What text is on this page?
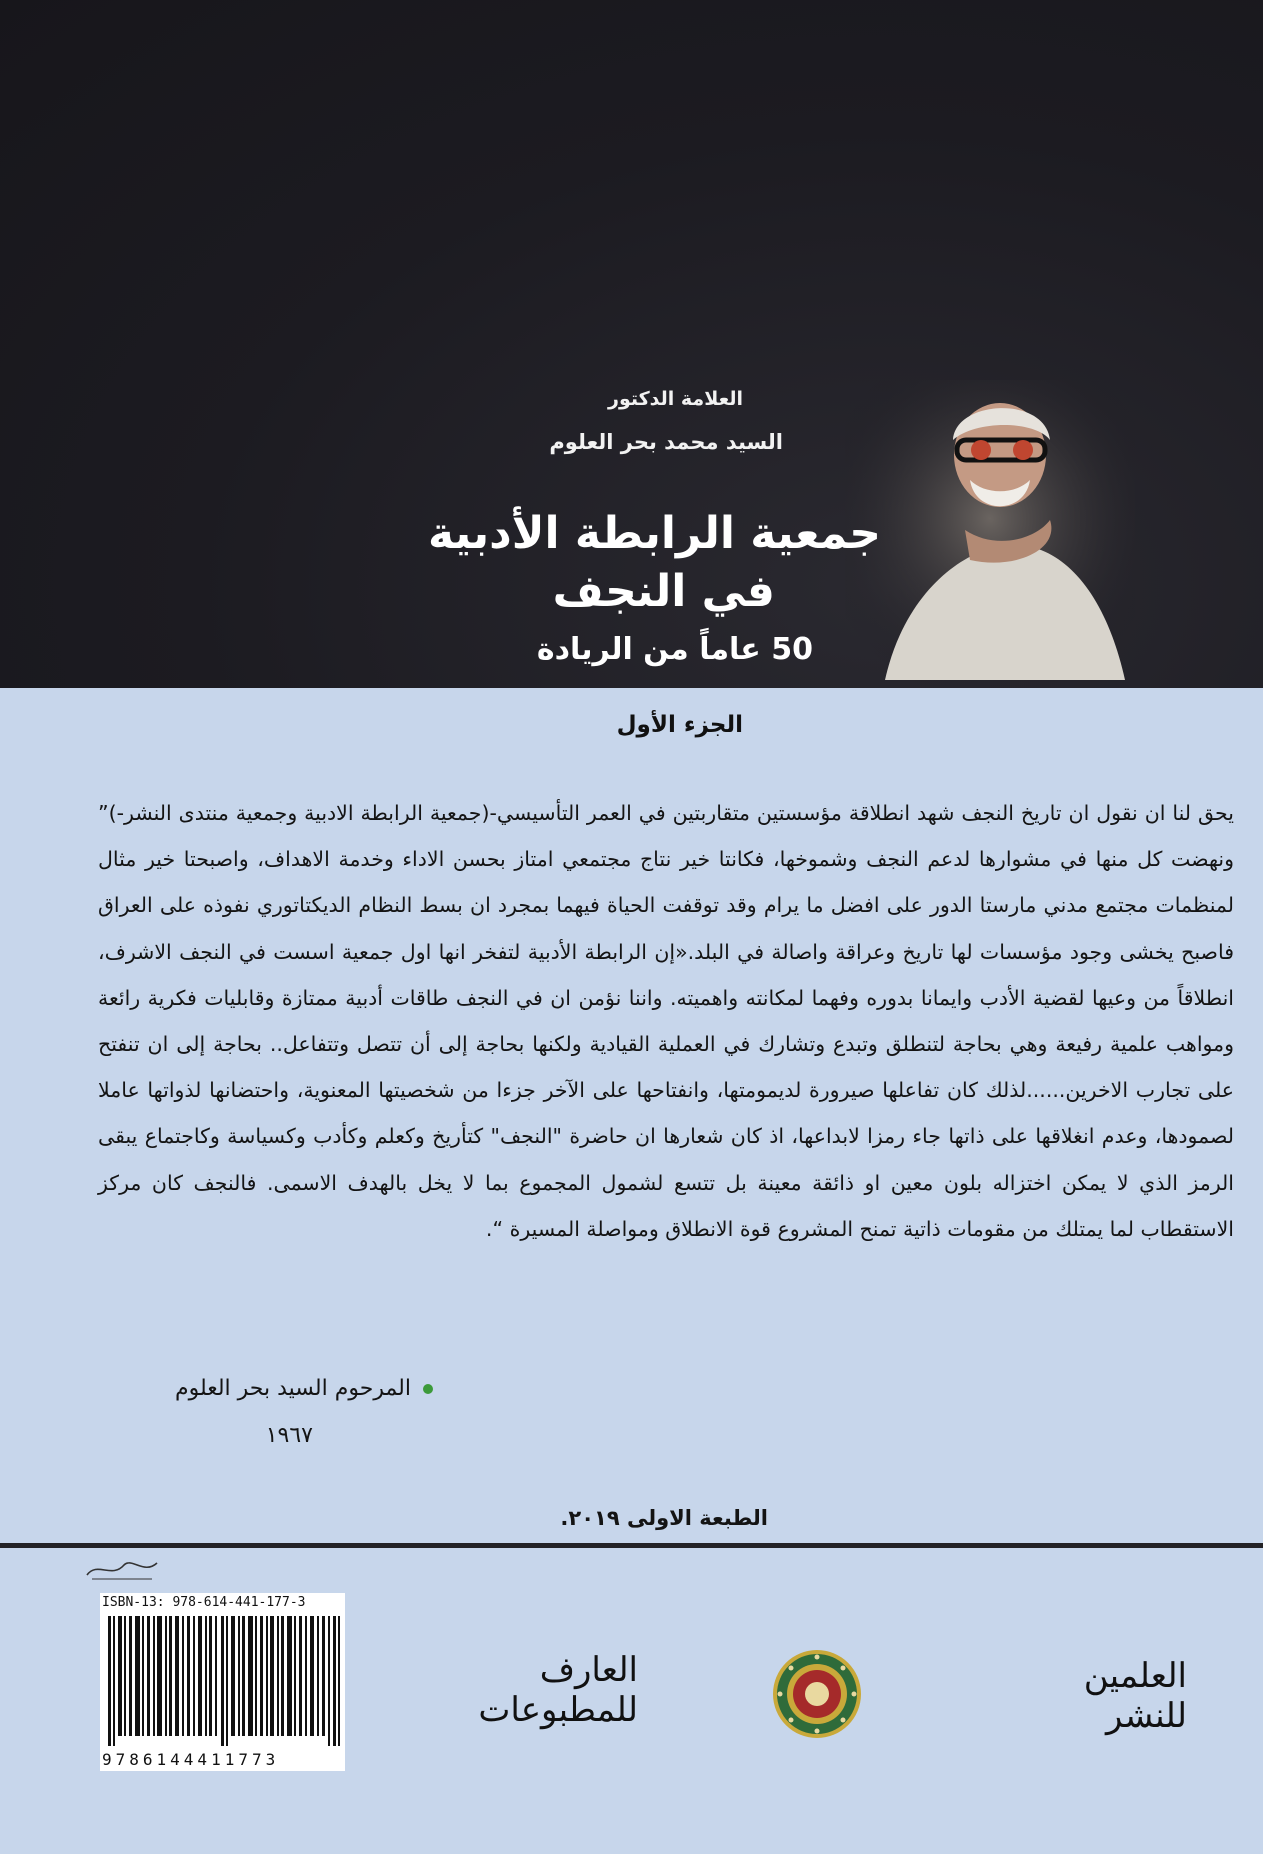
العلامة الدكتور
السيد محمد بحر العلوم
جمعية الرابطة الأدبية
في النجف
50 عاماً من الريادة
الجزء الأول

يحق لنا ان نقول ان تاريخ النجف شهد انطلاقة مؤسستين متقاربتين في العمر التأسيسي-(جمعية الرابطة الادبية وجمعية منتدى النشر-)” ونهضت كل منها في مشوارها لدعم النجف وشموخها، فكانتا خير نتاج مجتمعي امتاز بحسن الاداء وخدمة الاهداف، واصبحتا خير مثال لمنظمات مجتمع مدني مارستا الدور على افضل ما يرام وقد توقفت الحياة فيهما بمجرد ان بسط النظام الديكتاتوري نفوذه على العراق فاصبح يخشى وجود مؤسسات لها تاريخ وعراقة واصالة في البلد.«إن الرابطة الأدبية لتفخر انها اول جمعية اسست في النجف الاشرف، انطلاقاً من وعيها لقضية الأدب وايمانا بدوره وفهما لمكانته واهميته. واننا نؤمن ان في النجف طاقات أدبية ممتازة وقابليات فكرية رائعة ومواهب علمية رفيعة وهي بحاجة لتنطلق وتبدع وتشارك في العملية القيادية ولكنها بحاجة إلى أن تتصل وتتفاعل.. بحاجة إلى ان تنفتح على تجارب الاخرين......لذلك كان تفاعلها صيرورة لديمومتها، وانفتاحها على الآخر جزءا من شخصيتها المعنوية، واحتضانها لذواتها عاملا لصمودها، وعدم انغلاقها على ذاتها جاء رمزا لابداعها، اذ كان شعارها ان حاضرة "النجف" كتأريخ وكعلم وكأدب وكسياسة وكاجتماع يبقى الرمز الذي لا يمكن اختزاله بلون معين او ذائقة معينة بل تتسع لشمول المجموع بما لا يخل بالهدف الاسمى. فالنجف كان مركز الاستقطاب لما يمتلك من مقومات ذاتية تمنح المشروع قوة الانطلاق ومواصلة المسيرة “.

المرحوم السيد بحر العلوم
١٩٦٧
الطبعة الاولى ٢٠١٩.
ISBN-13: 978-614-441-177-3
9786144411773
العارف للمطبوعات
العلمين للنشر
